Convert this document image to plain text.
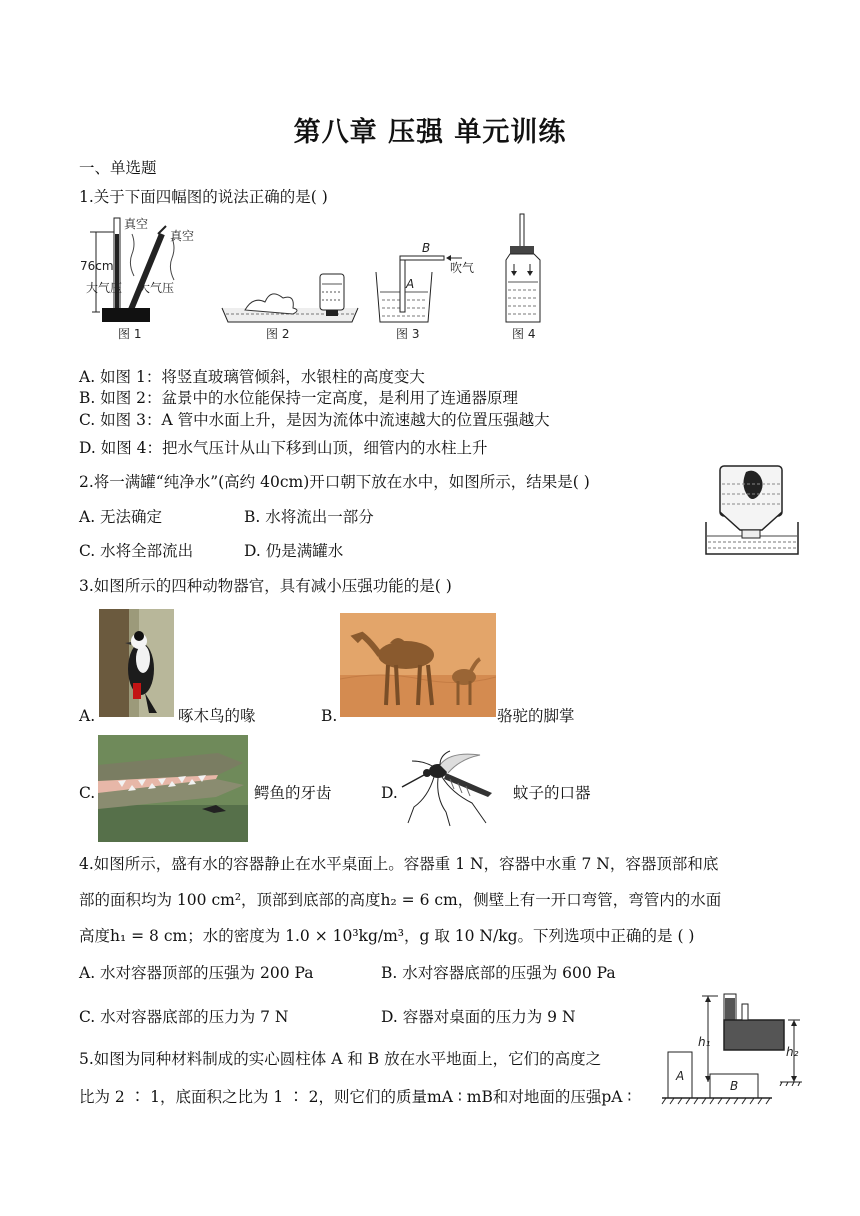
第八章 压强 单元训练
一、单选题
1.关于下面四幅图的说法正确的是( )
真空
真空
76cm
大气压 大气压
图 1	图 2
B
A
吹气
图 3	图 4
A. 如图 1：将竖直玻璃管倾斜，水银柱的高度变大
B. 如图 2：盆景中的水位能保持一定高度，是利用了连通器原理
C. 如图 3：A 管中水面上升，是因为流体中流速越大的位置压强越大
D. 如图 4：把水气压计从山下移到山顶，细管内的水柱上升
2.将一满罐“纯净水”(高约 40cm)开口朝下放在水中，如图所示，结果是( )
A. 无法确定	B. 水将流出一部分
C. 水将全部流出	D. 仍是满罐水
3.如图所示的四种动物器官，具有减小压强功能的是( )
A.	啄木鸟的喙	B.	骆驼的脚掌
C.	鳄鱼的牙齿	D.	蚊子的口器
4.如图所示，盛有水的容器静止在水平桌面上。容器重 1 N，容器中水重 7 N，容器顶部和底
部的面积均为 100 cm²，顶部到底部的高度h₂ = 6 cm，侧壁上有一开口弯管，弯管内的水面
高度h₁ = 8 cm；水的密度为 1.0 × 10³kg/m³，g 取 10 N/kg。下列选项中正确的是 ( )
A. 水对容器顶部的压强为 200 Pa	B. 水对容器底部的压强为 600 Pa
C. 水对容器底部的压力为 7 N	D. 容器对桌面的压力为 9 N
h₁
h₂
5.如图为同种材料制成的实心圆柱体 A 和 B 放在水平地面上，它们的高度之
比为 2 ∶ 1，底面积之比为 1 ∶ 2，则它们的质量mA ∶ mB和对地面的压强pA ∶
A
B
